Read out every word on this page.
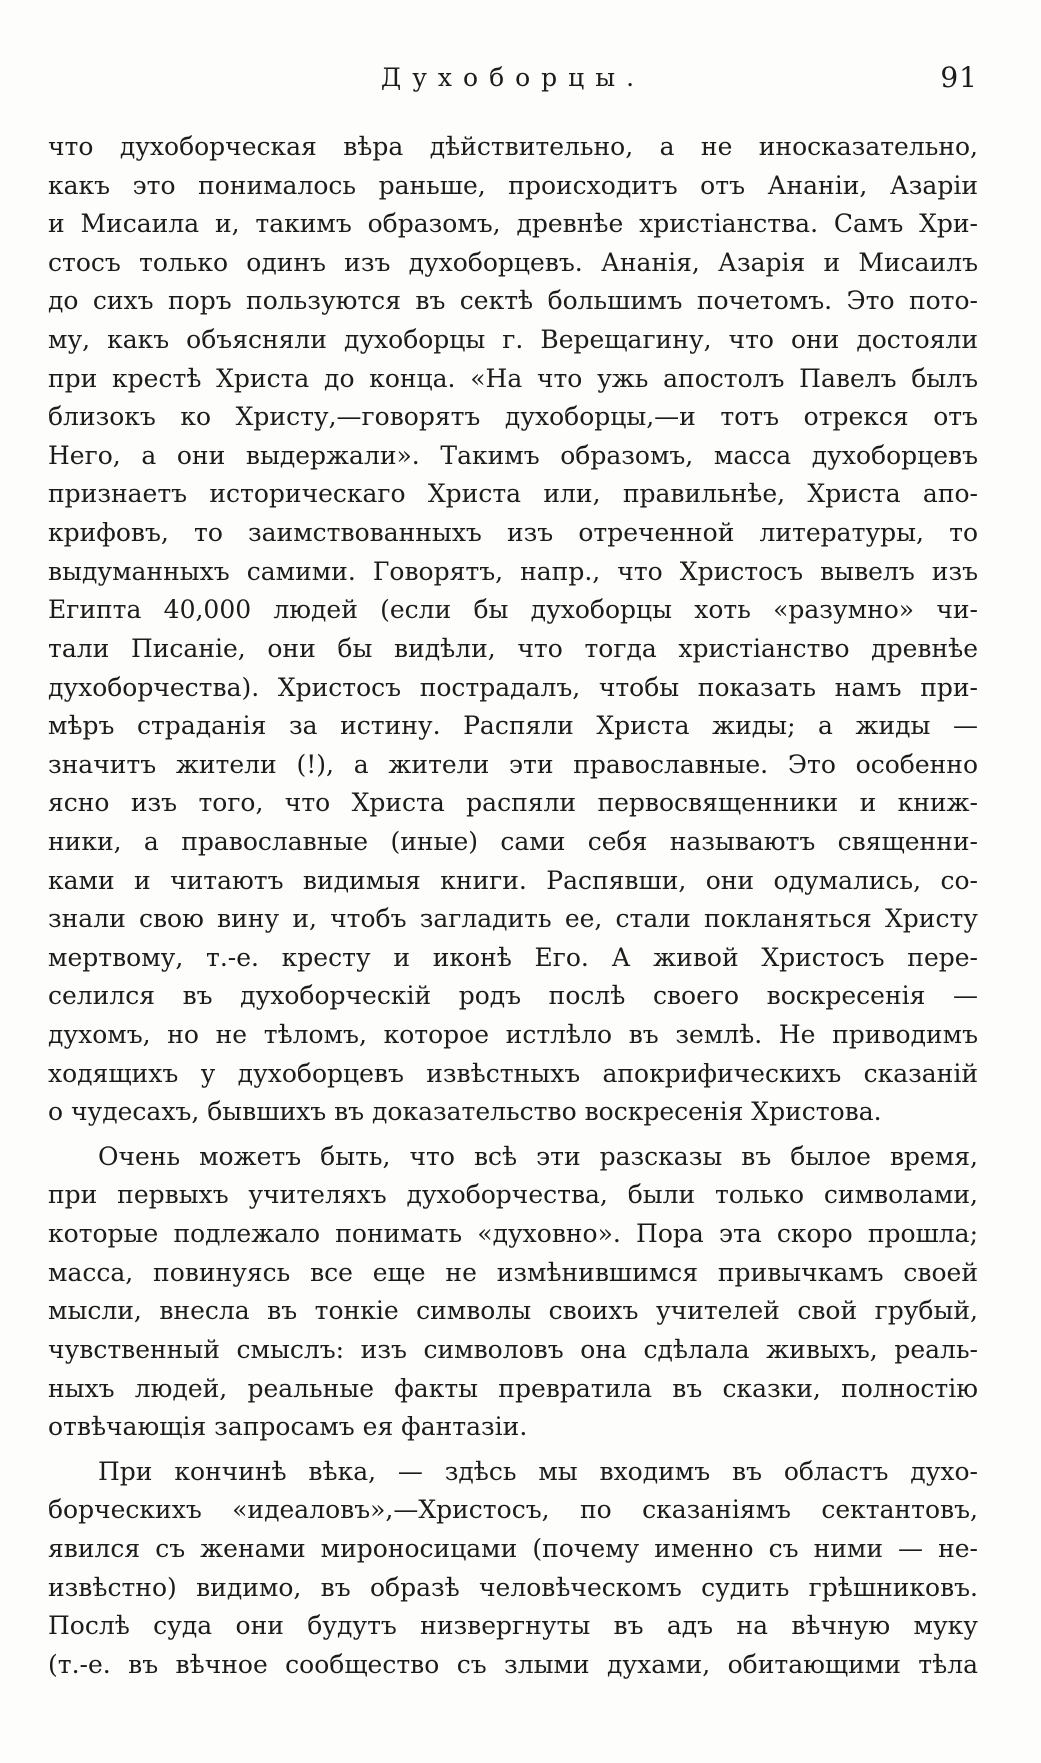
Духоборцы.	91
что духоборческая вѣра дѣйствительно, а не иносказательно,
какъ это понималось раньше, происходитъ отъ Ананіи, Азаріи
и Мисаила и, такимъ образомъ, древнѣе христіанства. Самъ Хри-
стосъ только одинъ изъ духоборцевъ. Ананія, Азарія и Мисаилъ
до сихъ поръ пользуются въ сектѣ большимъ почетомъ. Это пото-
му, какъ объясняли духоборцы г. Верещагину, что они достояли
при крестѣ Христа до конца. «На что ужь апостолъ Павелъ былъ
близокъ ко Христу,—говорятъ духоборцы,—и тотъ отрекся отъ
Него, а они выдержали». Такимъ образомъ, масса духоборцевъ
признаетъ историческаго Христа или, правильнѣе, Христа апо-
крифовъ, то заимствованныхъ изъ отреченной литературы, то
выдуманныхъ самими. Говорятъ, напр., что Христосъ вывелъ изъ
Египта 40,000 людей (если бы духоборцы хоть «разумно» чи-
тали Писаніе, они бы видѣли, что тогда христіанство древнѣе
духоборчества). Христосъ пострадалъ, чтобы показать намъ при-
мѣръ страданія за истину. Распяли Христа жиды; а жиды —
значитъ жители (!), а жители эти православные. Это особенно
ясно изъ того, что Христа распяли первосвященники и книж-
ники, а православные (иные) сами себя называютъ священни-
ками и читаютъ видимыя книги. Распявши, они одумались, со-
знали свою вину и, чтобъ загладить ее, стали покланяться Христу
мертвому, т.-е. кресту и иконѣ Его. А живой Христосъ пере-
селился въ духоборческій родъ послѣ своего воскресенія —
духомъ, но не тѣломъ, которое истлѣло въ землѣ. Не приводимъ
ходящихъ у духоборцевъ извѣстныхъ апокрифическихъ сказаній
о чудесахъ, бывшихъ въ доказательство воскресенія Христова.
Очень можетъ быть, что всѣ эти разсказы въ былое время,
при первыхъ учителяхъ духоборчества, были только символами,
которые подлежало понимать «духовно». Пора эта скоро прошла;
масса, повинуясь все еще не измѣнившимся привычкамъ своей
мысли, внесла въ тонкіе символы своихъ учителей свой грубый,
чувственный смыслъ: изъ символовъ она сдѣлала живыхъ, реаль-
ныхъ людей, реальные факты превратила въ сказки, полностію
отвѣчающія запросамъ ея фантазіи.
При кончинѣ вѣка, — здѣсь мы входимъ въ областъ духо-
борческихъ «идеаловъ»,—Христосъ, по сказаніямъ сектантовъ,
явился съ женами мироносицами (почему именно съ ними — не-
извѣстно) видимо, въ образѣ человѣческомъ судить грѣшниковъ.
Послѣ суда они будутъ низвергнуты въ адъ на вѣчную муку
(т.-е. въ вѣчное сообщество съ злыми духами, обитающими тѣла
